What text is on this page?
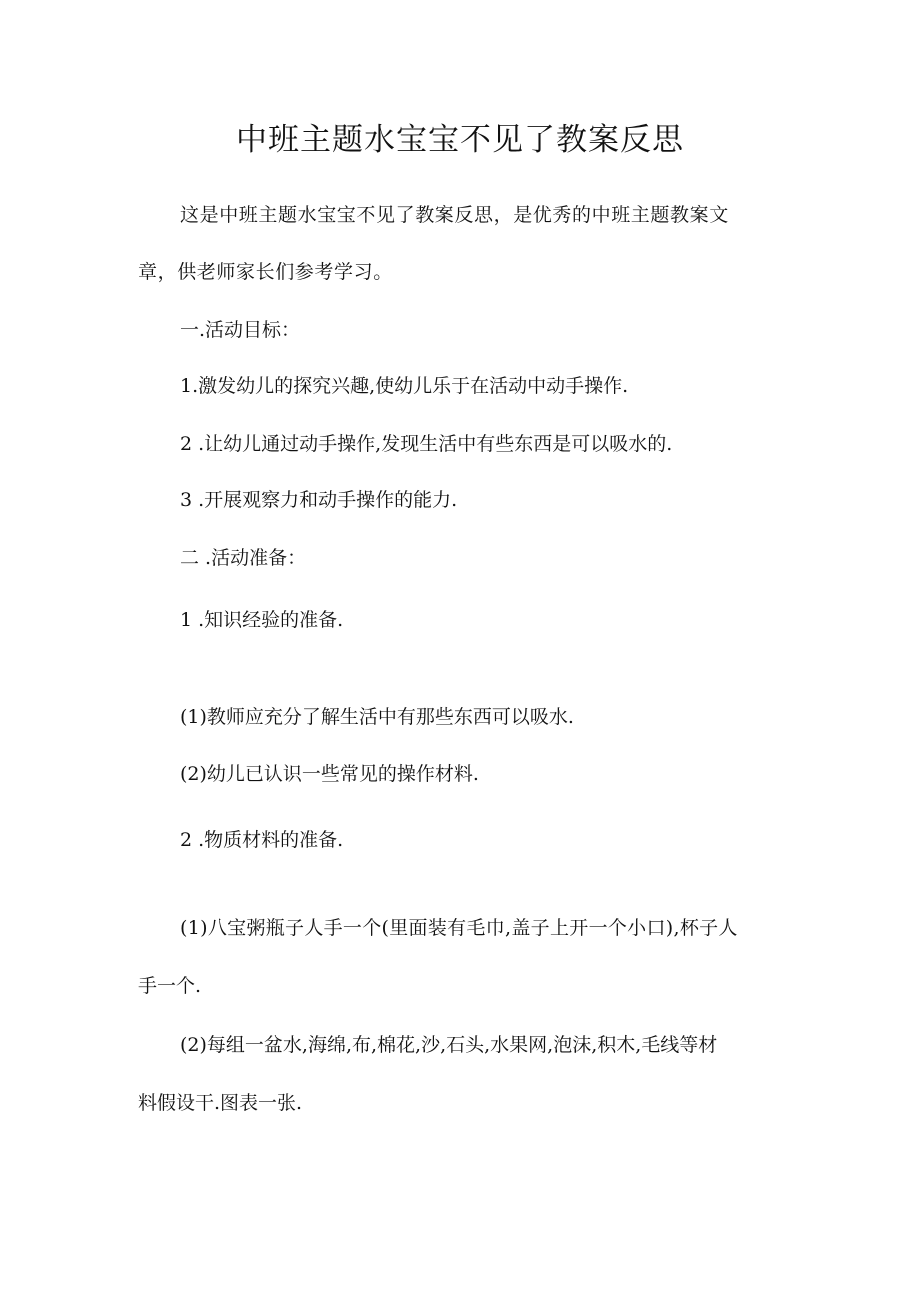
中班主题水宝宝不见了教案反思
这是中班主题水宝宝不见了教案反思，是优秀的中班主题教案文
章，供老师家长们参考学习。
一.活动目标：
1.激发幼儿的探究兴趣,使幼儿乐于在活动中动手操作.
2 .让幼儿通过动手操作,发现生活中有些东西是可以吸水的.
3 .开展观察力和动手操作的能力.
二 .活动准备：
1 .知识经验的准备.
(1)教师应充分了解生活中有那些东西可以吸水.
(2)幼儿已认识一些常见的操作材料.
2 .物质材料的准备.
(1)八宝粥瓶子人手一个(里面装有毛巾,盖子上开一个小口),杯子人
手一个.
(2)每组一盆水,海绵,布,棉花,沙,石头,水果网,泡沫,积木,毛线等材
料假设干.图表一张.
